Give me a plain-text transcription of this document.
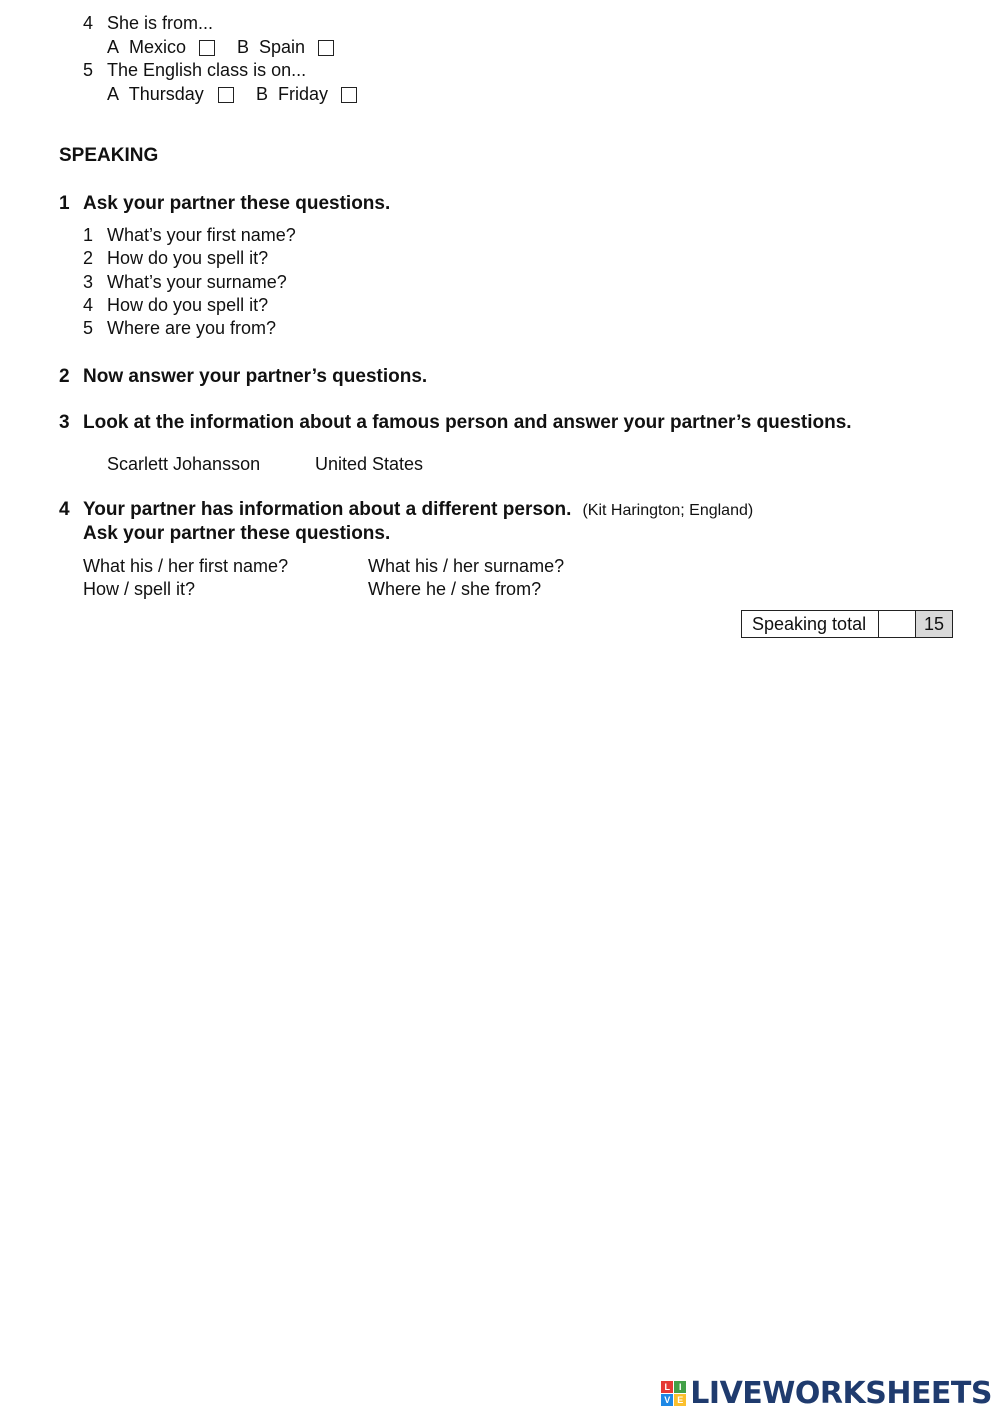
4 She is from...
A Mexico	B Spain
5 The English class is on...
A Thursday	B Friday
SPEAKING
1 Ask your partner these questions.
1 What’s your first name?
2 How do you spell it?
3 What’s your surname?
4 How do you spell it?
5 Where are you from?
2 Now answer your partner’s questions.
3 Look at the information about a famous person and answer your partner’s questions.
Scarlett Johansson	United States
4 Your partner has information about a different person. (Kit Harington; England)
Ask your partner these questions.
What his / her first name?	What his / her surname?
How / spell it?	Where he / she from?
Speaking total	15
L I
V E LIVEWORKSHEETS
